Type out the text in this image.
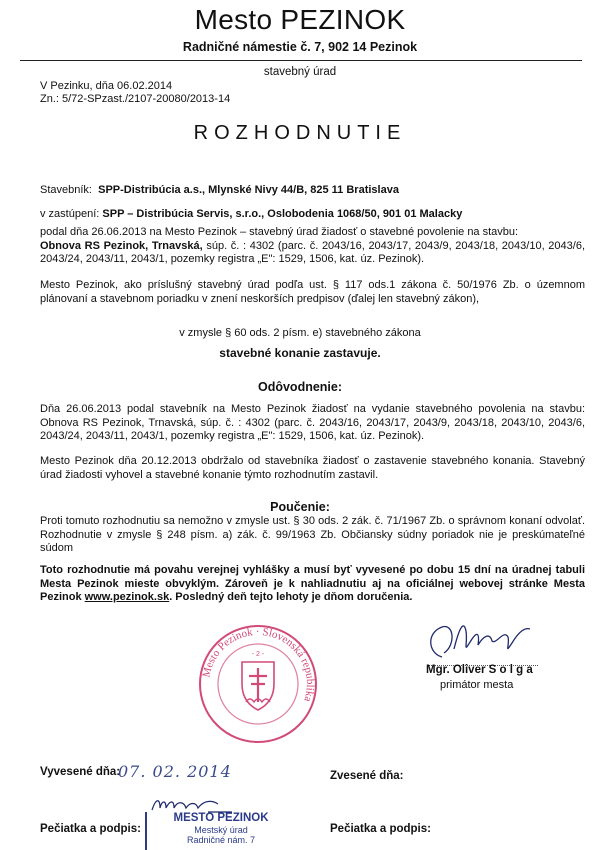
Mesto PEZINOK
Radničné námestie č. 7, 902 14 Pezinok
stavebný úrad
V Pezinku, dňa 06.02.2014
Zn.: 5/72-SPzast./2107-20080/2013-14
ROZHODNUTIE
Stavebník: SPP-Distribúcia a.s., Mlynské Nivy 44/B, 825 11 Bratislava
v zastúpení: SPP – Distribúcia Servis, s.r.o., Oslobodenia 1068/50, 901 01 Malacky
podal dňa 26.06.2013 na Mesto Pezinok – stavebný úrad žiadosť o stavebné povolenie na stavbu:
Obnova RS Pezinok, Trnavská, súp. č. : 4302 (parc. č. 2043/16, 2043/17, 2043/9, 2043/18, 2043/10, 2043/6, 2043/24, 2043/11, 2043/1, pozemky registra „E": 1529, 1506, kat. úz. Pezinok).
Mesto Pezinok, ako príslušný stavebný úrad podľa ust. § 117 ods.1 zákona č. 50/1976 Zb. o územnom plánovaní a stavebnom poriadku v znení neskorších predpisov (ďalej len stavebný zákon),
v zmysle § 60 ods. 2 písm. e) stavebného zákona
stavebné konanie zastavuje.
Odôvodnenie:
Dňa 26.06.2013 podal stavebník na Mesto Pezinok žiadosť na vydanie stavebného povolenia na stavbu: Obnova RS Pezinok, Trnavská, súp. č. : 4302 (parc. č. 2043/16, 2043/17, 2043/9, 2043/18, 2043/10, 2043/6, 2043/24, 2043/11, 2043/1, pozemky registra „E": 1529, 1506, kat. úz. Pezinok).
Mesto Pezinok dňa 20.12.2013 obdržalo od stavebníka žiadosť o zastavenie stavebného konania. Stavebný úrad žiadosti vyhovel a stavebné konanie týmto rozhodnutím zastavil.
Poučenie:
Proti tomuto rozhodnutiu sa nemožno v zmysle ust. § 30 ods. 2 zák. č. 71/1967 Zb. o správnom konaní odvolať. Rozhodnutie v zmysle § 248 písm. a) zák. č. 99/1963 Zb. Občiansky súdny poriadok nie je preskúmateľné súdom
Toto rozhodnutie má povahu verejnej vyhlášky a musí byť vyvesené po dobu 15 dní na úradnej tabuli Mesta Pezinok mieste obvyklým. Zároveň je k nahliadnutiu aj na oficiálnej webovej stránke Mesta Pezinok www.pezinok.sk. Posledný deň tejto lehoty je dňom doručenia.
Mesto Pezinok · Slovenská republika
- 2 -
Mgr. Oliver S o l g a
primátor mesta
Vyvesené dňa:
07. 02. 2014	Zvesené dňa:
Pečiatka a podpis:	Pečiatka a podpis:
MESTO PEZINOK
Mestský úrad
Radničné nám. 7
